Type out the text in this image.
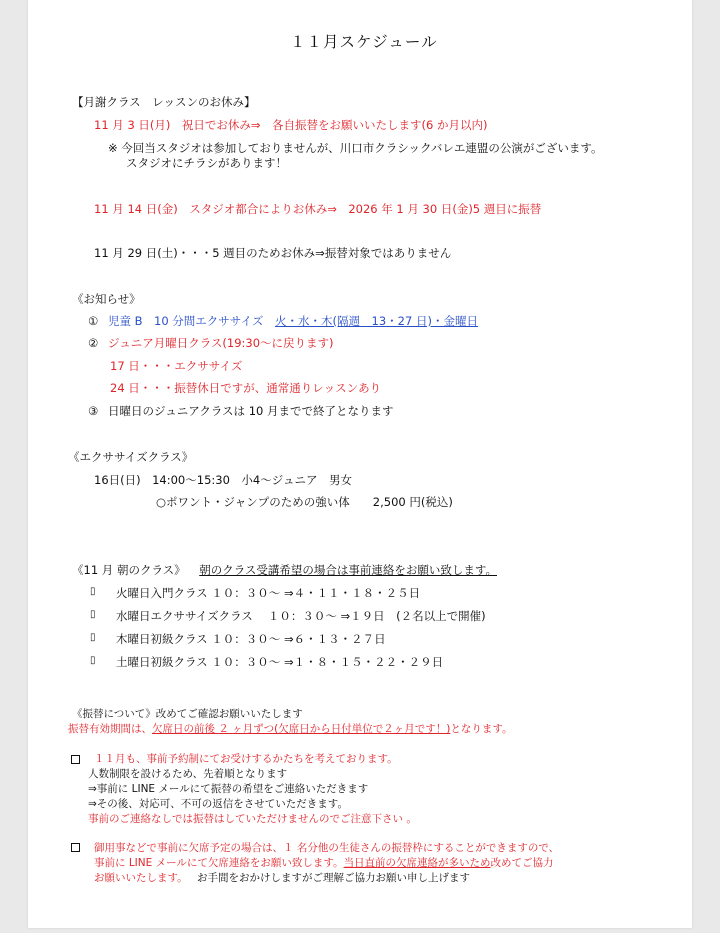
１１月スケジュール
【月謝クラス　レッスンのお休み】
11 月 3 日(月)　祝日でお休み⇒　各自振替をお願いいたします(6 か月以内)
※ 今回当スタジオは参加しておりませんが、川口市クラシックバレエ連盟の公演がございます。
スタジオにチラシがあります！
11 月 14 日(金)　スタジオ都合によりお休み⇒　2026 年 1 月 30 日(金)5 週目に振替
11 月 29 日(土)・・・5 週目のためお休み⇒振替対象ではありません
《お知らせ》
① 児童 B　10 分間エクササイズ 火・水・木(隔週　13・27 日)・金曜日
② ジュニア月曜日クラス(19:30～に戻ります)
17 日・・・エクササイズ
24 日・・・振替休日ですが、通常通りレッスンあり
③ 日曜日のジュニアクラスは 10 月までで終了となります
《エクササイズクラス》
16日(日)　14:00～15:30　小4～ジュニア　男女
○ポワント・ジャンプのための強い体　　2,500 円(税込)
《11 月 朝のクラス》 朝のクラス受講希望の場合は事前連絡をお願い致します。
▯ 火曜日入門クラス １０：３０～ ⇒４・１１・１８・２５日
▯ 水曜日エクササイズクラス　 １０：３０～ ⇒１９日　(２名以上で開催)
▯ 木曜日初級クラス １０：３０～ ⇒６・１３・２７日
▯ 土曜日初級クラス １０：３０～ ⇒１・８・１５・２２・２９日
《振替について》改めてご確認お願いいたします
振替有効期間は、欠席日の前後 ２ ヶ月ずつ(欠席日から日付単位で２ヶ月です！)となります。
１１月も、事前予約制にてお受けするかたちを考えております。
人数制限を設けるため、先着順となります
⇒事前に LINE メールにて振替の希望をご連絡いただきます
⇒その後、対応可、不可の返信をさせていただきます。
事前のご連絡なしでは振替はしていただけませんのでご注意下さい 。
御用事などで事前に欠席予定の場合は、１ 名分他の生徒さんの振替枠にすることができますので、
事前に LINE メールにて欠席連絡をお願い致します。当日直前の欠席連絡が多いため改めてご協力
お願いいたします。 お手間をおかけしますがご理解ご協力お願い申し上げます
